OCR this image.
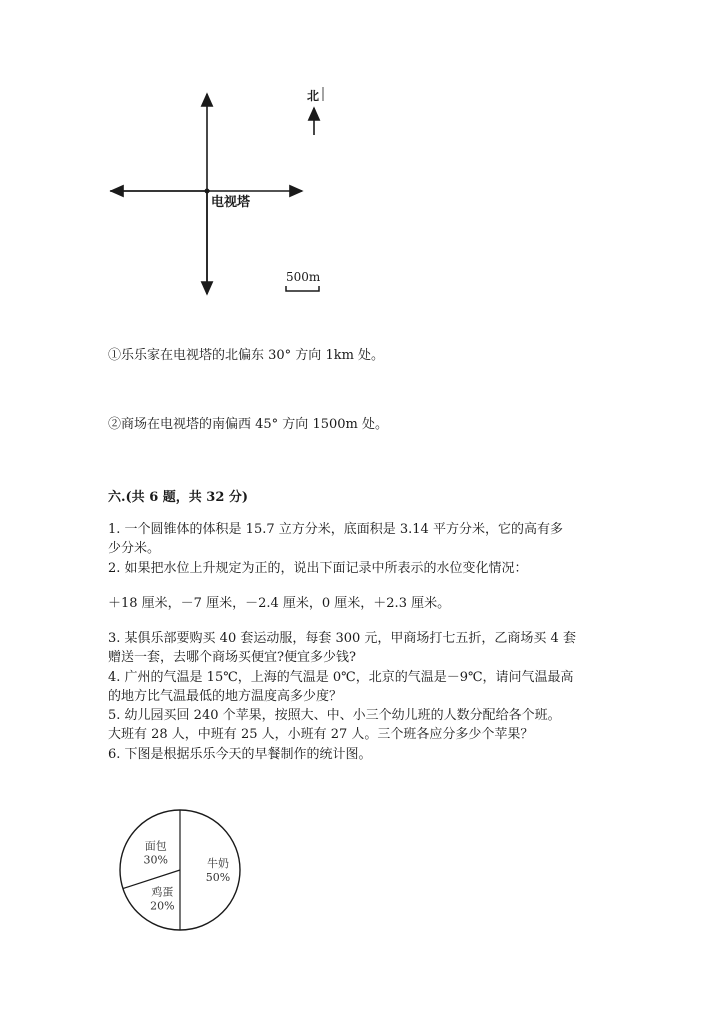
北
电视塔
500m
①乐乐家在电视塔的北偏东 30° 方向 1km 处。
②商场在电视塔的南偏西 45° 方向 1500m 处。
六.(共 6 题，共 32 分)
1. 一个圆锥体的体积是 15.7 立方分米，底面积是 3.14 平方分米，它的高有多
少分米。
2. 如果把水位上升规定为正的，说出下面记录中所表示的水位变化情况：
＋18 厘米，－7 厘米，－2.4 厘米，0 厘米，＋2.3 厘米。
3. 某俱乐部要购买 40 套运动服，每套 300 元，甲商场打七五折，乙商场买 4 套
赠送一套，去哪个商场买便宜?便宜多少钱?
4. 广州的气温是 15℃，上海的气温是 0℃，北京的气温是－9℃，请问气温最高
的地方比气温最低的地方温度高多少度？
5. 幼儿园买回 240 个苹果，按照大、中、小三个幼儿班的人数分配给各个班。
大班有 28 人，中班有 25 人，小班有 27 人。三个班各应分多少个苹果？
6. 下图是根据乐乐今天的早餐制作的统计图。
牛奶
50%
鸡蛋
20%
面包
30%
